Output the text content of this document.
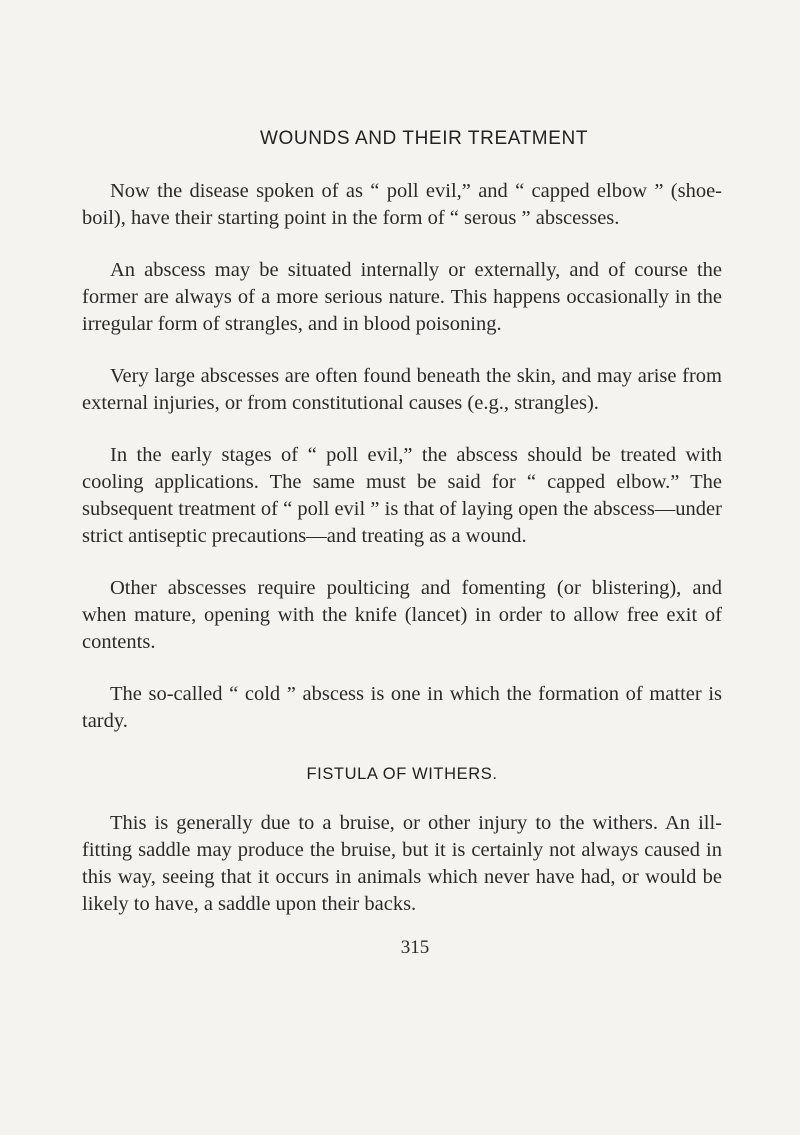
WOUNDS AND THEIR TREATMENT

Now the disease spoken of as “ poll evil,” and “ capped elbow ” (shoe-boil), have their starting point in the form of “ serous ” abscesses.

An abscess may be situated internally or externally, and of course the former are always of a more serious nature. This happens occasionally in the irregular form of strangles, and in blood poisoning.

Very large abscesses are often found beneath the skin, and may arise from external injuries, or from constitutional causes (e.g., strangles).

In the early stages of “ poll evil,” the abscess should be treated with cooling applications. The same must be said for “ capped elbow.” The subsequent treatment of “ poll evil ” is that of laying open the abscess—under strict antiseptic precautions—and treating as a wound.

Other abscesses require poulticing and fomenting (or blistering), and when mature, opening with the knife (lancet) in order to allow free exit of contents.

The so-called “ cold ” abscess is one in which the formation of matter is tardy.

FISTULA OF WITHERS.

This is generally due to a bruise, or other injury to the withers. An ill-fitting saddle may produce the bruise, but it is certainly not always caused in this way, seeing that it occurs in animals which never have had, or would be likely to have, a saddle upon their backs.

315
